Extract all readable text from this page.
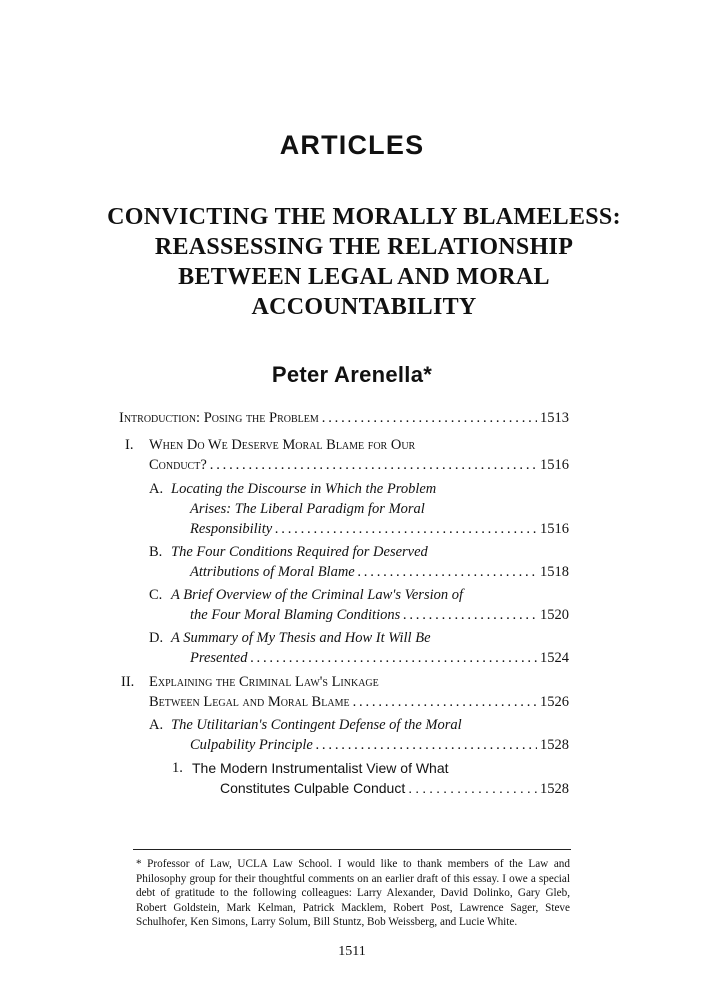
ARTICLES
CONVICTING THE MORALLY BLAMELESS:
REASSESSING THE RELATIONSHIP
BETWEEN LEGAL AND MORAL
ACCOUNTABILITY
Peter Arenella*
Introduction: Posing the Problem . . .	1513
I. When Do We Deserve Moral Blame for Our
Conduct? . . .	1516
A. Locating the Discourse in Which the Problem
Arises: The Liberal Paradigm for Moral
Responsibility . . .	1516
B. The Four Conditions Required for Deserved
Attributions of Moral Blame . . .	1518
C. A Brief Overview of the Criminal Law's Version of
the Four Moral Blaming Conditions . . .	1520
D. A Summary of My Thesis and How It Will Be
Presented . . .	1524
II. Explaining the Criminal Law's Linkage
Between Legal and Moral Blame . . .	1526
A. The Utilitarian's Contingent Defense of the Moral
Culpability Principle . . .	1528
1. The Modern Instrumentalist View of What
Constitutes Culpable Conduct . . .	1528

* Professor of Law, UCLA Law School. I would like to thank members of the Law and Philosophy group for their thoughtful comments on an earlier draft of this essay. I owe a special debt of gratitude to the following colleagues: Larry Alexander, David Dolinko, Gary Gleb, Robert Goldstein, Mark Kelman, Patrick Macklem, Robert Post, Lawrence Sager, Steve Schulhofer, Ken Simons, Larry Solum, Bill Stuntz, Bob Weissberg, and Lucie White.

1511
